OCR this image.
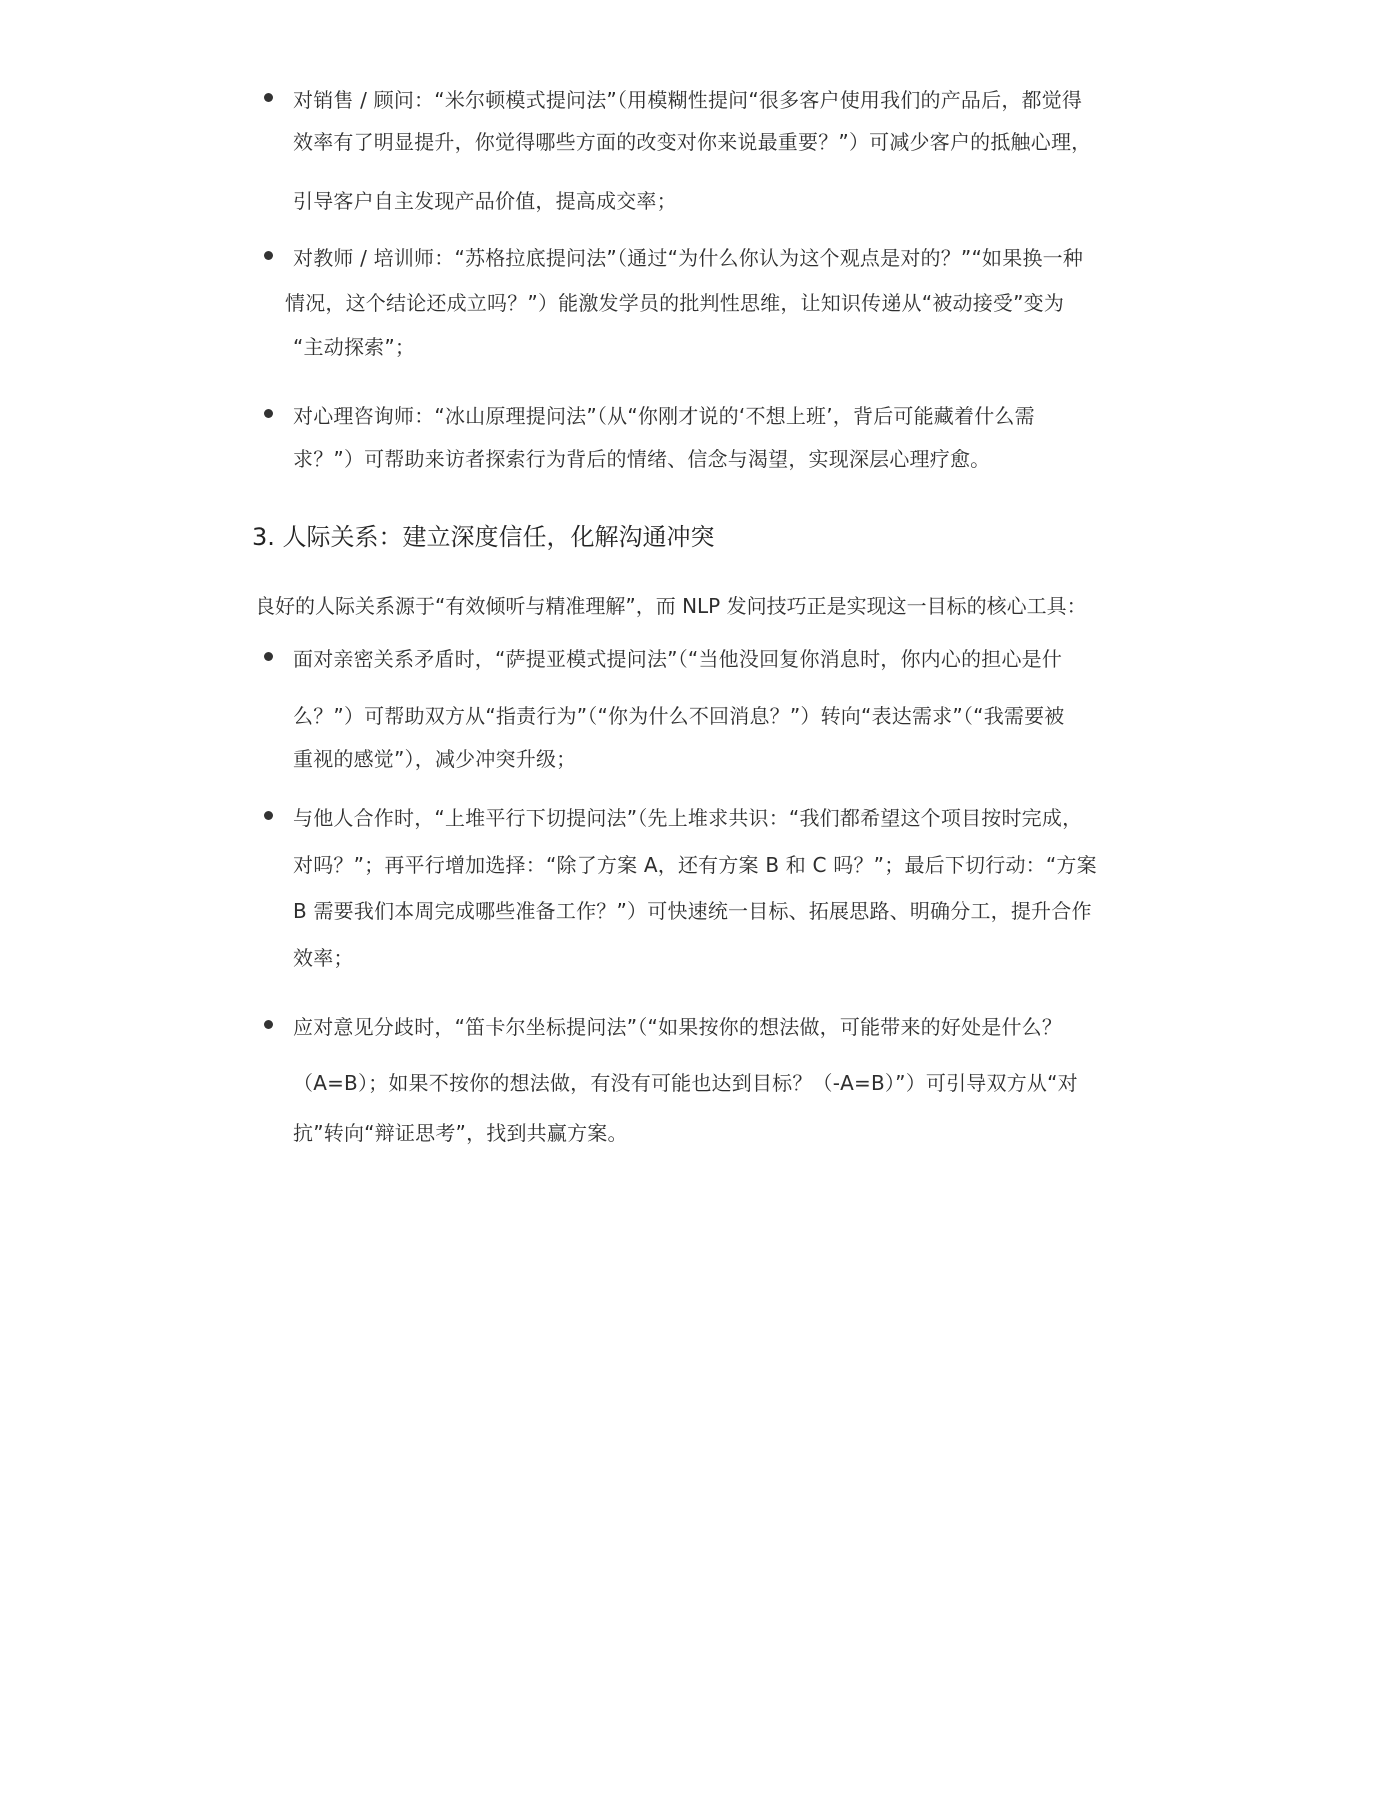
对销售 / 顾问：“米尔顿模式提问法”（用模糊性提问“很多客户使用我们的产品后，都觉得
效率有了明显提升，你觉得哪些方面的改变对你来说最重要？”）可减少客户的抵触心理，
引导客户自主发现产品价值，提高成交率；
对教师 / 培训师：“苏格拉底提问法”（通过“为什么你认为这个观点是对的？”“如果换一种
情况，这个结论还成立吗？”）能激发学员的批判性思维，让知识传递从“被动接受”变为
“主动探索”；
对心理咨询师：“冰山原理提问法”（从“你刚才说的‘不想上班’，背后可能藏着什么需
求？”）可帮助来访者探索行为背后的情绪、信念与渴望，实现深层心理疗愈。
3. 人际关系：建立深度信任，化解沟通冲突
良好的人际关系源于“有效倾听与精准理解”，而 NLP 发问技巧正是实现这一目标的核心工具：
面对亲密关系矛盾时，“萨提亚模式提问法”（“当他没回复你消息时，你内心的担心是什
么？”）可帮助双方从“指责行为”（“你为什么不回消息？”）转向“表达需求”（“我需要被
重视的感觉”），减少冲突升级；
与他人合作时，“上堆平行下切提问法”（先上堆求共识：“我们都希望这个项目按时完成，
对吗？”；再平行增加选择：“除了方案 A，还有方案 B 和 C 吗？”；最后下切行动：“方案
B 需要我们本周完成哪些准备工作？”）可快速统一目标、拓展思路、明确分工，提升合作
效率；
应对意见分歧时，“笛卡尔坐标提问法”（“如果按你的想法做，可能带来的好处是什么？
（A=B）；如果不按你的想法做，有没有可能也达到目标？（-A=B）”）可引导双方从“对
抗”转向“辩证思考”，找到共赢方案。
